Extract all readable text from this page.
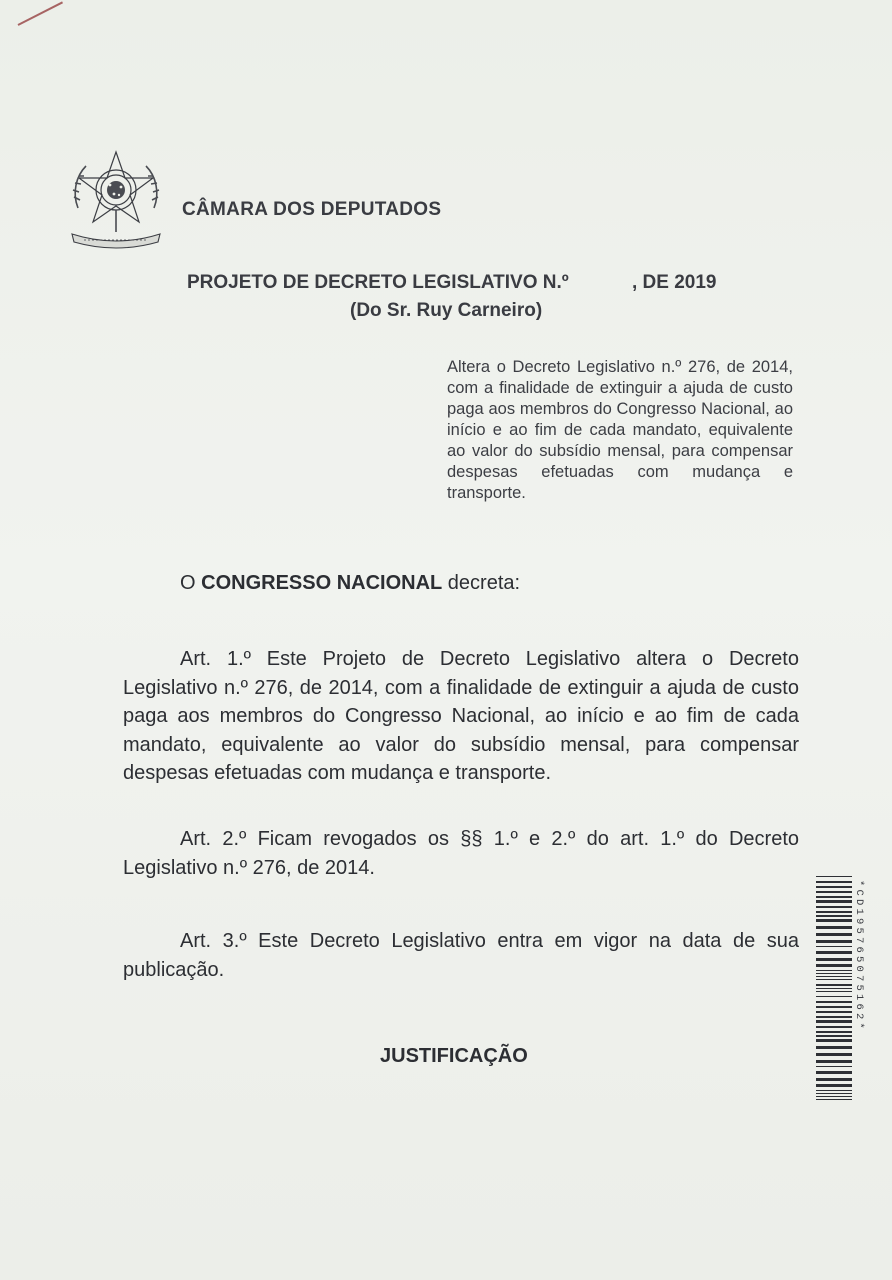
CÂMARA DOS DEPUTADOS
PROJETO DE DECRETO LEGISLATIVO N.º	, DE 2019
(Do Sr. Ruy Carneiro)
Altera o Decreto Legislativo n.º 276, de 2014, com a finalidade de extinguir a ajuda de custo paga aos membros do Congresso Nacional, ao início e ao fim de cada mandato, equivalente ao valor do subsídio mensal, para compensar despesas efetuadas com mudança e transporte.
O CONGRESSO NACIONAL decreta:
Art. 1.º Este Projeto de Decreto Legislativo altera o Decreto Legislativo n.º 276, de 2014, com a finalidade de extinguir a ajuda de custo paga aos membros do Congresso Nacional, ao início e ao fim de cada mandato, equivalente ao valor do subsídio mensal, para compensar despesas efetuadas com mudança e transporte.
Art. 2.º Ficam revogados os §§ 1.º e 2.º do art. 1.º do Decreto Legislativo n.º 276, de 2014.
Art. 3.º Este Decreto Legislativo entra em vigor na data de sua publicação.
JUSTIFICAÇÃO
*CD195765075162*
